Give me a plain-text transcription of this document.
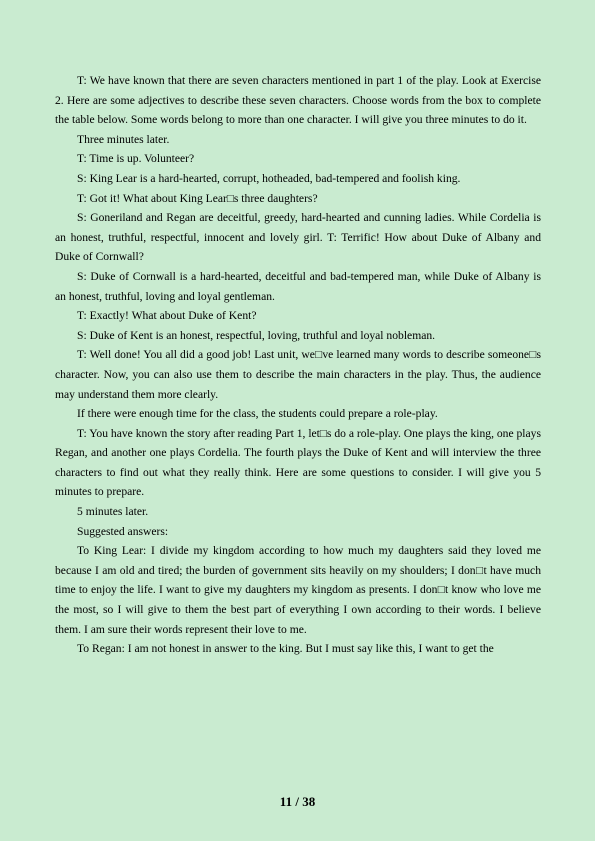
T: We have known that there are seven characters mentioned in part 1 of the play. Look at Exercise 2. Here are some adjectives to describe these seven characters. Choose words from the box to complete the table below. Some words belong to more than one character. I will give you three minutes to do it.

Three minutes later.

T: Time is up. Volunteer?

S: King Lear is a hard-hearted, corrupt, hotheaded, bad-tempered and foolish king.

T: Got it! What about King Lear□s three daughters?

S: Goneriland and Regan are deceitful, greedy, hard-hearted and cunning ladies. While Cordelia is an honest, truthful, respectful, innocent and lovely girl. T: Terrific! How about Duke of Albany and Duke of Cornwall?

S: Duke of Cornwall is a hard-hearted, deceitful and bad-tempered man, while Duke of Albany is an honest, truthful, loving and loyal gentleman.

T: Exactly! What about Duke of Kent?

S: Duke of Kent is an honest, respectful, loving, truthful and loyal nobleman.

T: Well done! You all did a good job! Last unit, we□ve learned many words to describe someone□s character. Now, you can also use them to describe the main characters in the play. Thus, the audience may understand them more clearly.

If there were enough time for the class, the students could prepare a role-play.

T: You have known the story after reading Part 1, let□s do a role-play. One plays the king, one plays Regan, and another one plays Cordelia. The fourth plays the Duke of Kent and will interview the three characters to find out what they really think. Here are some questions to consider. I will give you 5 minutes to prepare.

5 minutes later.

Suggested answers:

To King Lear: I divide my kingdom according to how much my daughters said they loved me because I am old and tired; the burden of government sits heavily on my shoulders; I don□t have much time to enjoy the life. I want to give my daughters my kingdom as presents. I don□t know who love me the most, so I will give to them the best part of everything I own according to their words. I believe them. I am sure their words represent their love to me.

To Regan: I am not honest in answer to the king. But I must say like this, I want to get the

11 / 38
